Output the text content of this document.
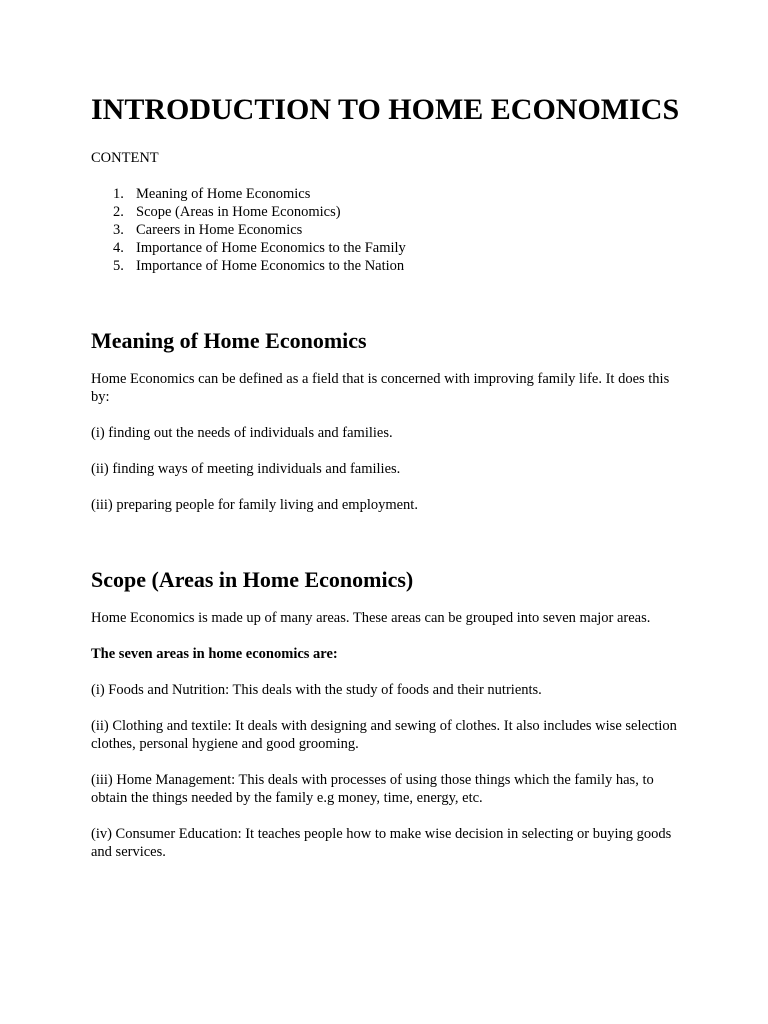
INTRODUCTION TO HOME ECONOMICS

CONTENT

1. Meaning of Home Economics
2. Scope (Areas in Home Economics)
3. Careers in Home Economics
4. Importance of Home Economics to the Family
5. Importance of Home Economics to the Nation
Meaning of Home Economics

Home Economics can be defined as a field that is concerned with improving family life. It does this by:

(i) finding out the needs of individuals and families.

(ii) finding ways of meeting individuals and families.

(iii) preparing people for family living and employment.

Scope (Areas in Home Economics)

Home Economics is made up of many areas. These areas can be grouped into seven major areas.

The seven areas in home economics are:

(i) Foods and Nutrition: This deals with the study of foods and their nutrients.

(ii) Clothing and textile: It deals with designing and sewing of clothes. It also includes wise selection clothes, personal hygiene and good grooming.

(iii) Home Management: This deals with processes of using those things which the family has, to obtain the things needed by the family e.g money, time, energy, etc.

(iv) Consumer Education: It teaches people how to make wise decision in selecting or buying goods and services.
